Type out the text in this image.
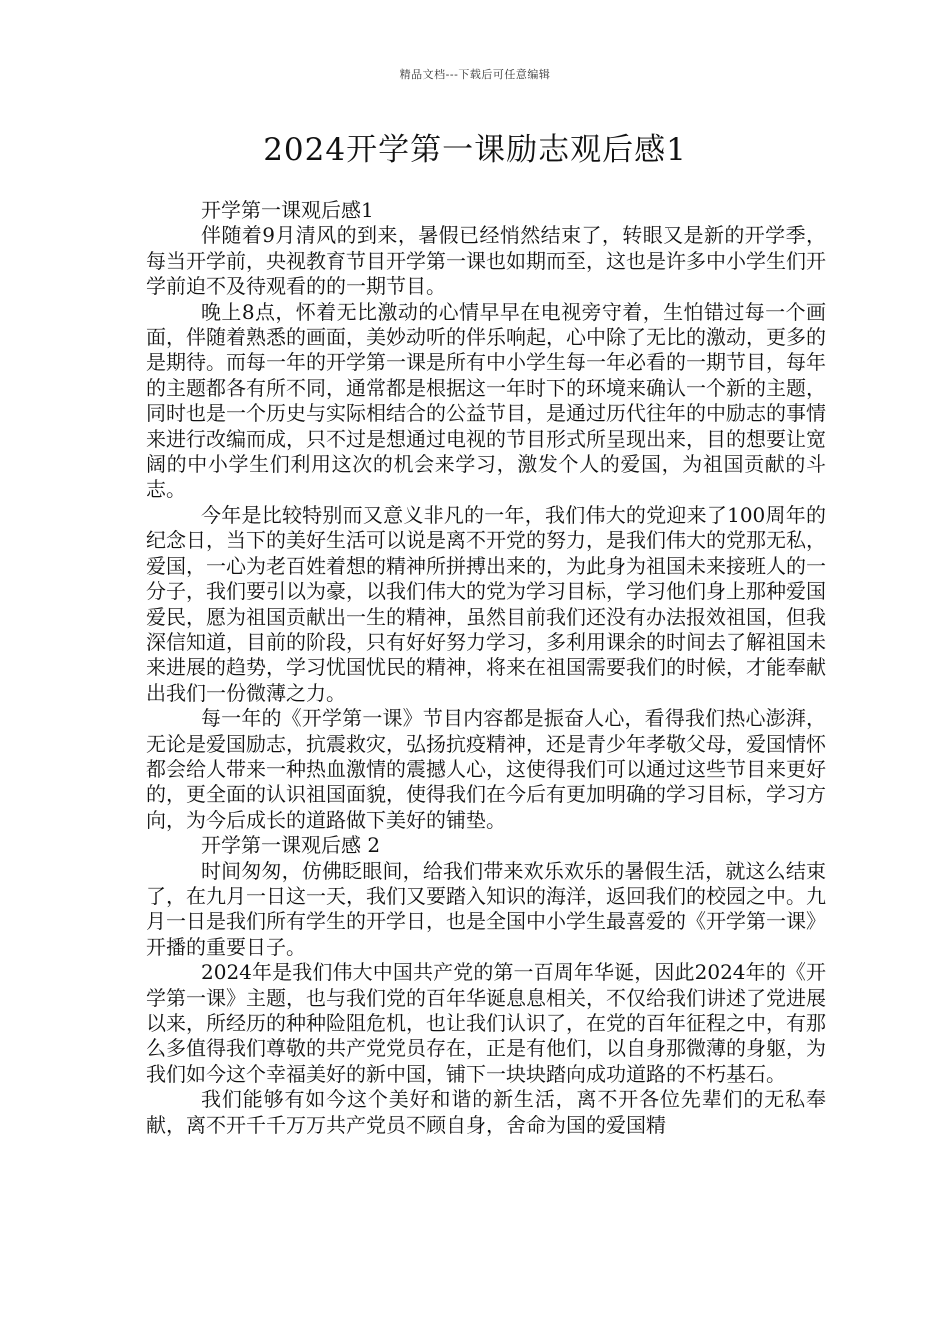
精品文档---下载后可任意编辑
2024开学第一课励志观后感1

开学第一课观后感1

伴随着9月清风的到来，暑假已经悄然结束了，转眼又是新的开学季，每当开学前，央视教育节目开学第一课也如期而至，这也是许多中小学生们开学前迫不及待观看的的一期节目。

晚上8点，怀着无比激动的心情早早在电视旁守着，生怕错过每一个画面，伴随着熟悉的画面，美妙动听的伴乐响起，心中除了无比的激动，更多的是期待。而每一年的开学第一课是所有中小学生每一年必看的一期节目，每年的主题都各有所不同，通常都是根据这一年时下的环境来确认一个新的主题，同时也是一个历史与实际相结合的公益节目，是通过历代往年的中励志的事情来进行改编而成，只不过是想通过电视的节目形式所呈现出来，目的想要让宽阔的中小学生们利用这次的机会来学习，激发个人的爱国，为祖国贡献的斗志。

今年是比较特别而又意义非凡的一年，我们伟大的党迎来了100周年的纪念日，当下的美好生活可以说是离不开党的努力，是我们伟大的党那无私，爱国，一心为老百姓着想的精神所拼搏出来的，为此身为祖国未来接班人的一分子，我们要引以为豪，以我们伟大的党为学习目标，学习他们身上那种爱国爱民，愿为祖国贡献出一生的精神，虽然目前我们还没有办法报效祖国，但我深信知道，目前的阶段，只有好好努力学习，多利用课余的时间去了解祖国未来进展的趋势，学习忧国忧民的精神，将来在祖国需要我们的时候，才能奉献出我们一份微薄之力。

每一年的《开学第一课》节目内容都是振奋人心，看得我们热心澎湃，无论是爱国励志，抗震救灾，弘扬抗疫精神，还是青少年孝敬父母，爱国情怀都会给人带来一种热血激情的震撼人心，这使得我们可以通过这些节目来更好的，更全面的认识祖国面貌，使得我们在今后有更加明确的学习目标，学习方向，为今后成长的道路做下美好的铺垫。

开学第一课观后感 2

时间匆匆，仿佛眨眼间，给我们带来欢乐欢乐的暑假生活，就这么结束了，在九月一日这一天，我们又要踏入知识的海洋，返回我们的校园之中。九月一日是我们所有学生的开学日，也是全国中小学生最喜爱的《开学第一课》开播的重要日子。

2024年是我们伟大中国共产党的第一百周年华诞，因此2024年的《开学第一课》主题，也与我们党的百年华诞息息相关，不仅给我们讲述了党进展以来，所经历的种种险阻危机，也让我们认识了，在党的百年征程之中，有那么多值得我们尊敬的共产党党员存在，正是有他们，以自身那微薄的身躯，为我们如今这个幸福美好的新中国，铺下一块块踏向成功道路的不朽基石。

我们能够有如今这个美好和谐的新生活，离不开各位先辈们的无私奉献，离不开千千万万共产党员不顾自身，舍命为国的爱国精
